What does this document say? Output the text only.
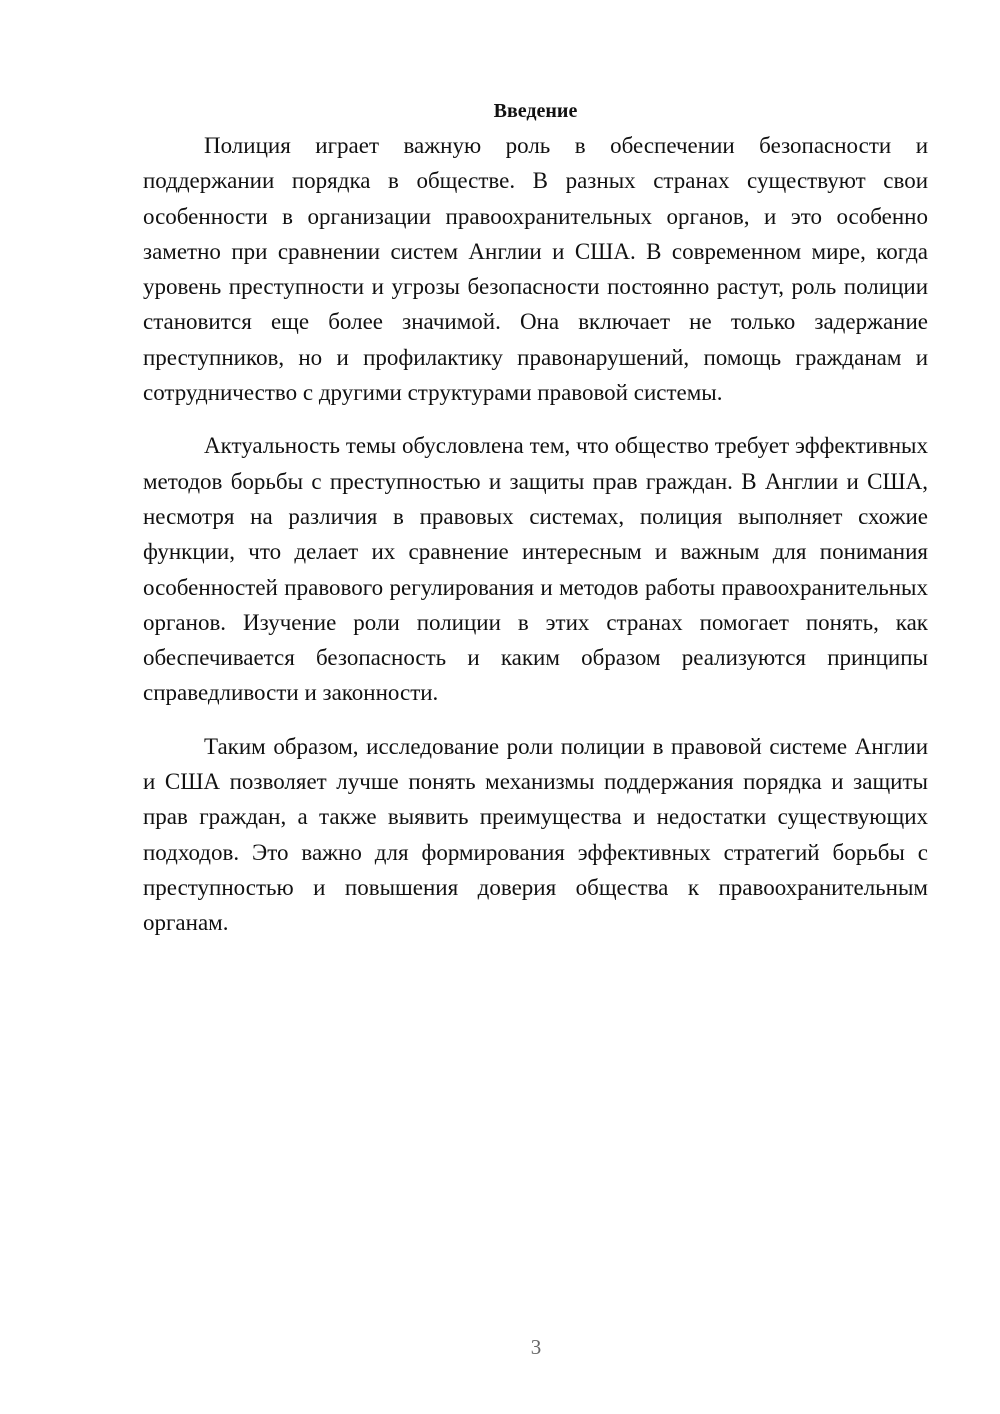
Введение

Полиция играет важную роль в обеспечении безопасности и поддержании порядка в обществе. В разных странах существуют свои особенности в организации правоохранительных органов, и это особенно заметно при сравнении систем Англии и США. В современном мире, когда уровень преступности и угрозы безопасности постоянно растут, роль полиции становится еще более значимой. Она включает не только задержание преступников, но и профилактику правонарушений, помощь гражданам и сотрудничество с другими структурами правовой системы.

Актуальность темы обусловлена тем, что общество требует эффективных методов борьбы с преступностью и защиты прав граждан. В Англии и США, несмотря на различия в правовых системах, полиция выполняет схожие функции, что делает их сравнение интересным и важным для понимания особенностей правового регулирования и методов работы правоохранительных органов. Изучение роли полиции в этих странах помогает понять, как обеспечивается безопасность и каким образом реализуются принципы справедливости и законности.

Таким образом, исследование роли полиции в правовой системе Англии и США позволяет лучше понять механизмы поддержания порядка и защиты прав граждан, а также выявить преимущества и недостатки существующих подходов. Это важно для формирования эффективных стратегий борьбы с преступностью и повышения доверия общества к правоохранительным органам.

3
